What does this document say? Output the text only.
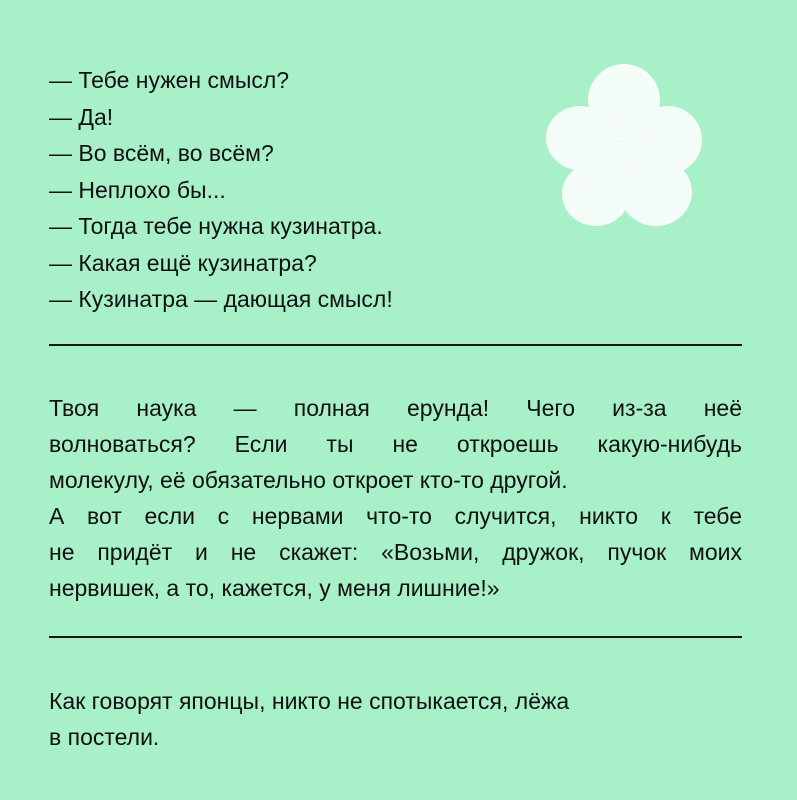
— Тебе нужен смысл?
— Да!
— Во всём, во всём?
— Неплохо бы...
— Тогда тебе нужна кузинатра.
— Какая ещё кузинатра?
— Кузинатра — дающая смысл!

Твоя наука — полная ерунда! Чего из-за неё
волноваться? Если ты не откроешь какую-нибудь
молекулу, её обязательно откроет кто-то другой.
А вот если с нервами что-то случится, никто к тебе
не придёт и не скажет: «Возьми, дружок, пучок моих
нервишек, а то, кажется, у меня лишние!»

Как говорят японцы, никто не спотыкается, лёжа
в постели.
